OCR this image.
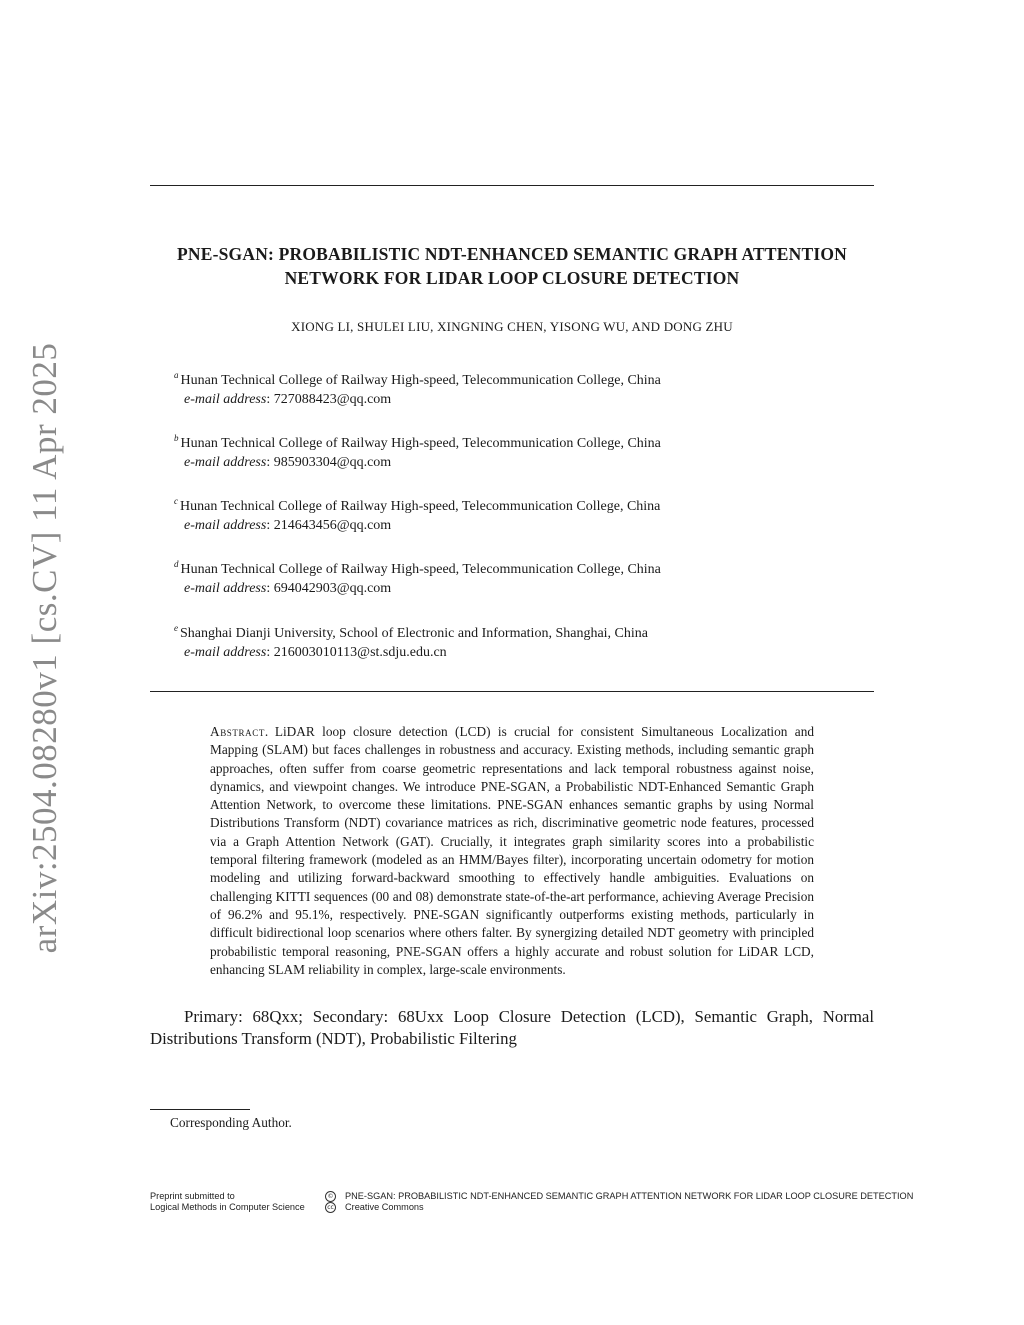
arXiv:2504.08280v1 [cs.CV] 11 Apr 2025
PNE-SGAN: PROBABILISTIC NDT-ENHANCED SEMANTIC GRAPH ATTENTION
NETWORK FOR LIDAR LOOP CLOSURE DETECTION
XIONG LI, SHULEI LIU, XINGNING CHEN, YISONG WU, AND DONG ZHU
$^a$ Hunan Technical College of Railway High-speed, Telecommunication College, China
e-mail address: 727088423@qq.com
$^b$ Hunan Technical College of Railway High-speed, Telecommunication College, China
e-mail address: 985903304@qq.com
$^c$ Hunan Technical College of Railway High-speed, Telecommunication College, China
e-mail address: 214643456@qq.com
$^d$ Hunan Technical College of Railway High-speed, Telecommunication College, China
e-mail address: 694042903@qq.com
$^e$ Shanghai Dianji University, School of Electronic and Information, Shanghai, China
e-mail address: 216003010113@st.sdju.edu.cn
Abstract. LiDAR loop closure detection (LCD) is crucial for consistent Simultaneous Localization and Mapping (SLAM) but faces challenges in robustness and accuracy. Existing methods, including semantic graph approaches, often suffer from coarse geometric representations and lack temporal robustness against noise, dynamics, and viewpoint changes. We introduce PNE-SGAN, a Probabilistic NDT-Enhanced Semantic Graph Attention Network, to overcome these limitations. PNE-SGAN enhances semantic graphs by using Normal Distributions Transform (NDT) covariance matrices as rich, discriminative geometric node features, processed via a Graph Attention Network (GAT). Crucially, it integrates graph similarity scores into a probabilistic temporal filtering framework (modeled as an HMM/Bayes filter), incorporating uncertain odometry for motion modeling and utilizing forward-backward smoothing to effectively handle ambiguities. Evaluations on challenging KITTI sequences (00 and 08) demonstrate state-of-the-art performance, achieving Average Precision of 96.2% and 95.1%, respectively. PNE-SGAN significantly outperforms existing methods, particularly in difficult bidirectional loop scenarios where others falter. By synergizing detailed NDT geometry with principled probabilistic temporal reasoning, PNE-SGAN offers a highly accurate and robust solution for LiDAR LCD, enhancing SLAM reliability in complex, large-scale environments.
Primary: 68Qxx; Secondary: 68Uxx Loop Closure Detection (LCD), Semantic Graph, Normal Distributions Transform (NDT), Probabilistic Filtering
Corresponding Author.
Preprint submitted to
Logical Methods in Computer Science
© PNE-SGAN: PROBABILISTIC NDT-ENHANCED SEMANTIC GRAPH ATTENTION NETWORK FOR LIDAR LOOP CLOSURE DETECTION
cc Creative Commons
